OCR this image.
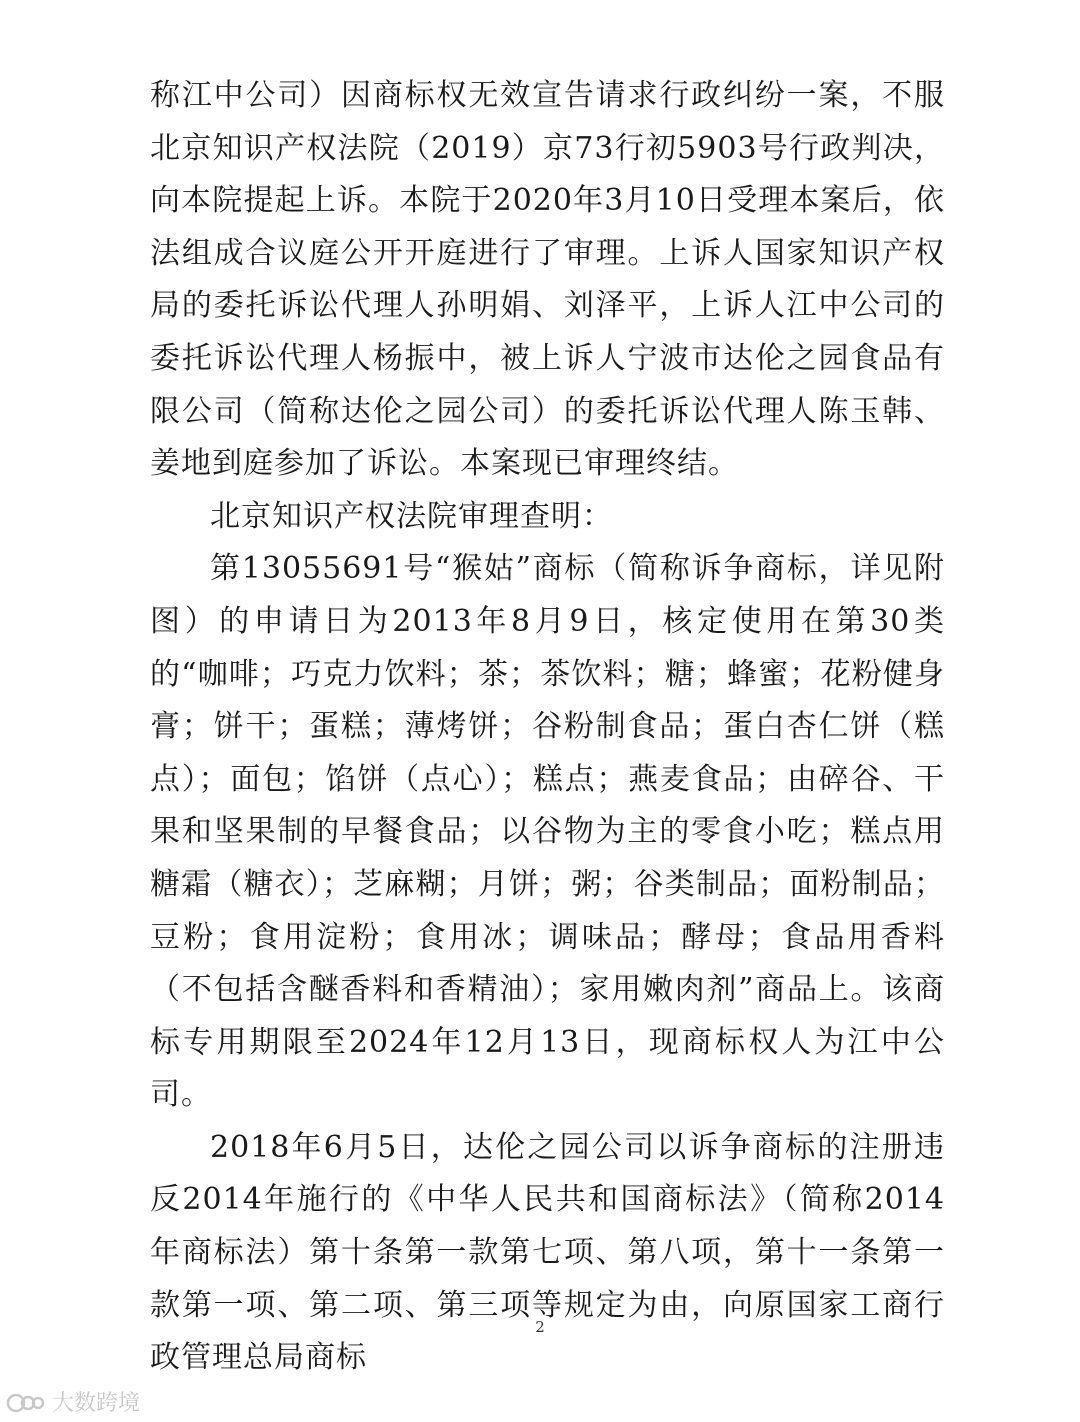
称江中公司）因商标权无效宣告请求行政纠纷一案，不服北京知识产权法院（2019）京73行初5903号行政判决，向本院提起上诉。本院于2020年3月10日受理本案后，依法组成合议庭公开开庭进行了审理。上诉人国家知识产权局的委托诉讼代理人孙明娟、刘泽平，上诉人江中公司的委托诉讼代理人杨振中，被上诉人宁波市达伦之园食品有限公司（简称达伦之园公司）的委托诉讼代理人陈玉韩、姜地到庭参加了诉讼。本案现已审理终结。

北京知识产权法院审理查明：

第13055691号“猴姑”商标（简称诉争商标，详见附图）的申请日为2013年8月9日，核定使用在第30类的“咖啡；巧克力饮料；茶；茶饮料；糖；蜂蜜；花粉健身膏；饼干；蛋糕；薄烤饼；谷粉制食品；蛋白杏仁饼（糕点）；面包；馅饼（点心）；糕点；燕麦食品；由碎谷、干果和坚果制的早餐食品；以谷物为主的零食小吃；糕点用糖霜（糖衣）；芝麻糊；月饼；粥；谷类制品；面粉制品；豆粉；食用淀粉；食用冰；调味品；酵母；食品用香料（不包括含醚香料和香精油）；家用嫩肉剂”商品上。该商标专用期限至2024年12月13日，现商标权人为江中公司。

2018年6月5日，达伦之园公司以诉争商标的注册违反2014年施行的《中华人民共和国商标法》（简称2014年商标法）第十条第一款第七项、第八项，第十一条第一款第一项、第二项、第三项等规定为由，向原国家工商行政管理总局商标

2
大数跨境
